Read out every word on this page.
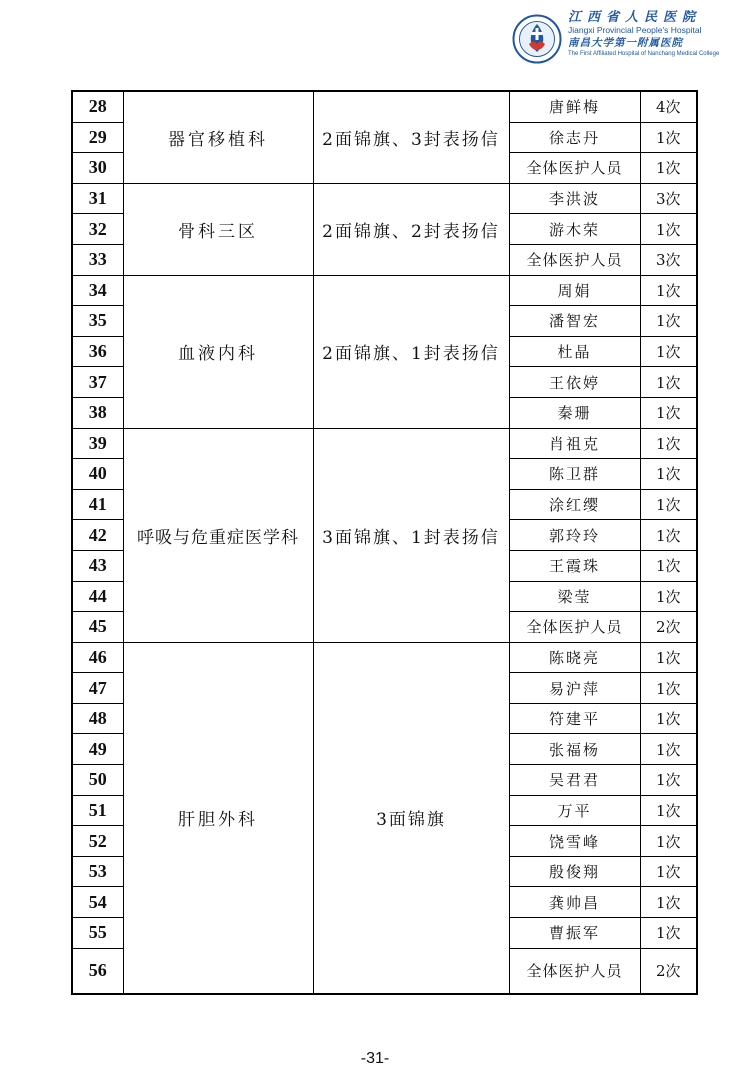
江西省人民医院
Jiangxi Provincial People's Hospital
南昌大学第一附属医院
The First Affiliated Hospital of Nanchang Medical College
28	器官移植科	2面锦旗、3封表扬信	唐鲜梅	4次
29			徐志丹	1次
30			全体医护人员	1次
31	骨科三区	2面锦旗、2封表扬信	李洪波	3次
32			游木荣	1次
33			全体医护人员	3次
34	血液内科	2面锦旗、1封表扬信	周娟	1次
35			潘智宏	1次
36			杜晶	1次
37			王依婷	1次
38			秦珊	1次
39	呼吸与危重症医学科	3面锦旗、1封表扬信	肖祖克	1次
40			陈卫群	1次
41			涂红缨	1次
42			郭玲玲	1次
43			王霞珠	1次
44			梁莹	1次
45			全体医护人员	2次
46	肝胆外科	3面锦旗	陈晓亮	1次
47			易沪萍	1次
48			符建平	1次
49			张福杨	1次
50			吴君君	1次
51			万平	1次
52			饶雪峰	1次
53			殷俊翔	1次
54			龚帅昌	1次
55			曹振军	1次
56			全体医护人员	2次
-31-
